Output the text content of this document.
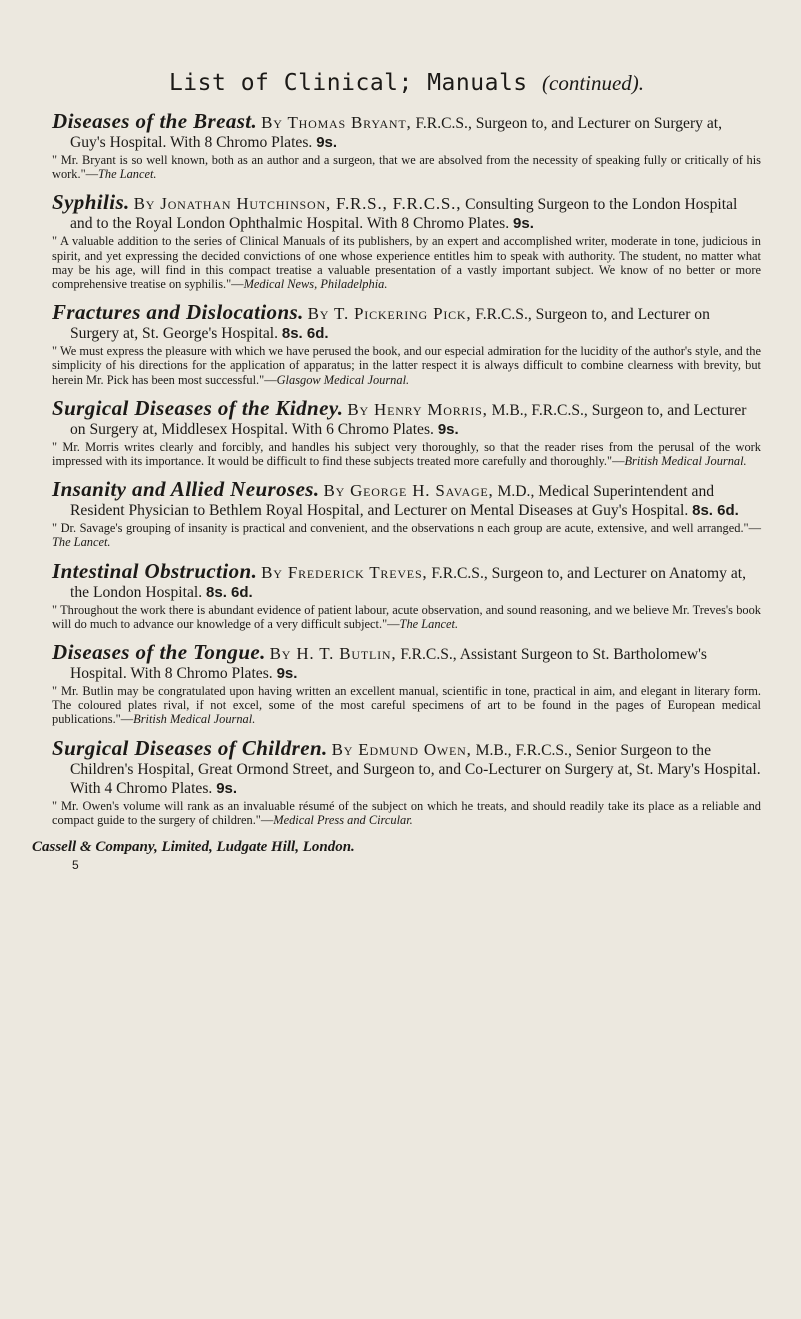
List of Clinical; Manuals (continued).
Diseases of the Breast. By Thomas Bryant, F.R.C.S., Surgeon to, and Lecturer on Surgery at, Guy's Hospital. With 8 Chromo Plates. 9s.
" Mr. Bryant is so well known, both as an author and a surgeon, that we are absolved from the necessity of speaking fully or critically of his work."—The Lancet.
Syphilis. By Jonathan Hutchinson, F.R.S., F.R.C.S., Consulting Surgeon to the London Hospital and to the Royal London Ophthalmic Hospital. With 8 Chromo Plates. 9s.
" A valuable addition to the series of Clinical Manuals of its publishers, by an expert and accomplished writer, moderate in tone, judicious in spirit, and yet expressing the decided convictions of one whose experience entitles him to speak with authority. The student, no matter what may be his age, will find in this compact treatise a valuable presentation of a vastly important subject. We know of no better or more comprehensive treatise on syphilis."—Medical News, Philadelphia.
Fractures and Dislocations. By T. Pickering Pick, F.R.C.S., Surgeon to, and Lecturer on Surgery at, St. George's Hospital. 8s. 6d.
" We must express the pleasure with which we have perused the book, and our especial admiration for the lucidity of the author's style, and the simplicity of his directions for the application of apparatus; in the latter respect it is always difficult to combine clearness with brevity, but herein Mr. Pick has been most successful."—Glasgow Medical Journal.
Surgical Diseases of the Kidney. By Henry Morris, M.B., F.R.C.S., Surgeon to, and Lecturer on Surgery at, Middlesex Hospital. With 6 Chromo Plates. 9s.
" Mr. Morris writes clearly and forcibly, and handles his subject very thoroughly, so that the reader rises from the perusal of the work impressed with its importance. It would be difficult to find these subjects treated more carefully and thoroughly."—British Medical Journal.
Insanity and Allied Neuroses. By George H. Savage, M.D., Medical Superintendent and Resident Physician to Bethlem Royal Hospital, and Lecturer on Mental Diseases at Guy's Hospital. 8s. 6d.
" Dr. Savage's grouping of insanity is practical and convenient, and the observations n each group are acute, extensive, and well arranged."—The Lancet.
Intestinal Obstruction. By Frederick Treves, F.R.C.S., Surgeon to, and Lecturer on Anatomy at, the London Hospital. 8s. 6d.
" Throughout the work there is abundant evidence of patient labour, acute observation, and sound reasoning, and we believe Mr. Treves's book will do much to advance our knowledge of a very difficult subject."—The Lancet.
Diseases of the Tongue. By H. T. Butlin, F.R.C.S., Assistant Surgeon to St. Bartholomew's Hospital. With 8 Chromo Plates. 9s.
" Mr. Butlin may be congratulated upon having written an excellent manual, scientific in tone, practical in aim, and elegant in literary form. The coloured plates rival, if not excel, some of the most careful specimens of art to be found in the pages of European medical publications."—British Medical Journal.
Surgical Diseases of Children. By Edmund Owen, M.B., F.R.C.S., Senior Surgeon to the Children's Hospital, Great Ormond Street, and Surgeon to, and Co-Lecturer on Surgery at, St. Mary's Hospital. With 4 Chromo Plates. 9s.
" Mr. Owen's volume will rank as an invaluable résumé of the subject on which he treats, and should readily take its place as a reliable and compact guide to the surgery of children."—Medical Press and Circular.
Cassell & Company, Limited, Ludgate Hill, London.
5
